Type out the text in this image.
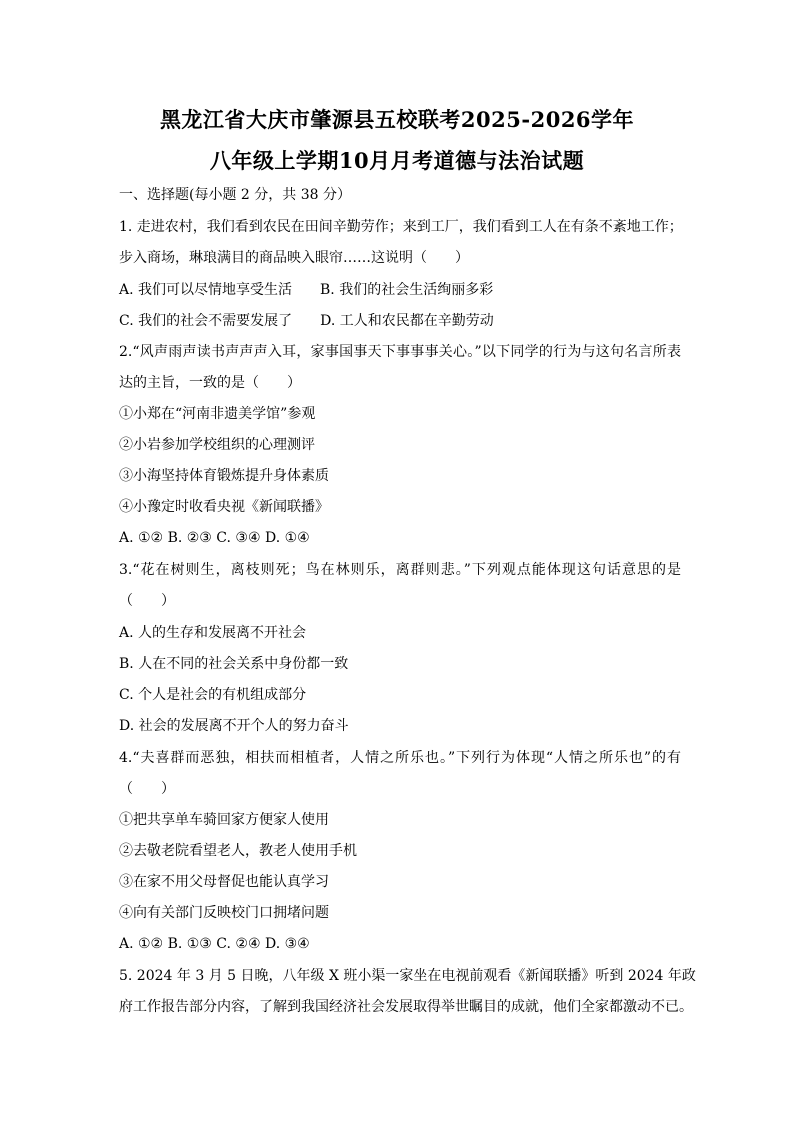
黑龙江省大庆市肇源县五校联考2025-2026学年
八年级上学期10月月考道德与法治试题
一、选择题(每小题 2 分，共 38 分）
1. 走进农村，我们看到农民在田间辛勤劳作；来到工厂，我们看到工人在有条不紊地工作；
步入商场，琳琅满目的商品映入眼帘……这说明（　　）
A. 我们可以尽情地享受生活　　B. 我们的社会生活绚丽多彩
C. 我们的社会不需要发展了　　D. 工人和农民都在辛勤劳动
2.“风声雨声读书声声声入耳，家事国事天下事事事关心。”以下同学的行为与这句名言所表
达的主旨，一致的是（　　）
①小郑在“河南非遗美学馆”参观
②小岩参加学校组织的心理测评
③小海坚持体育锻炼提升身体素质
④小豫定时收看央视《新闻联播》
A. ①② B. ②③ C. ③④ D. ①④
3.“花在树则生，离枝则死；鸟在林则乐，离群则悲。”下列观点能体现这句话意思的是
（　　）
A. 人的生存和发展离不开社会
B. 人在不同的社会关系中身份都一致
C. 个人是社会的有机组成部分
D. 社会的发展离不开个人的努力奋斗
4.“夫喜群而恶独，相扶而相植者，人情之所乐也。”下列行为体现“人情之所乐也”的有
（　　）
①把共享单车骑回家方便家人使用
②去敬老院看望老人，教老人使用手机
③在家不用父母督促也能认真学习
④向有关部门反映校门口拥堵问题
A. ①② B. ①③ C. ②④ D. ③④
5. 2024 年 3 月 5 日晚，八年级 X 班小渠一家坐在电视前观看《新闻联播》听到 2024 年政
府工作报告部分内容，了解到我国经济社会发展取得举世瞩目的成就，他们全家都激动不已。
